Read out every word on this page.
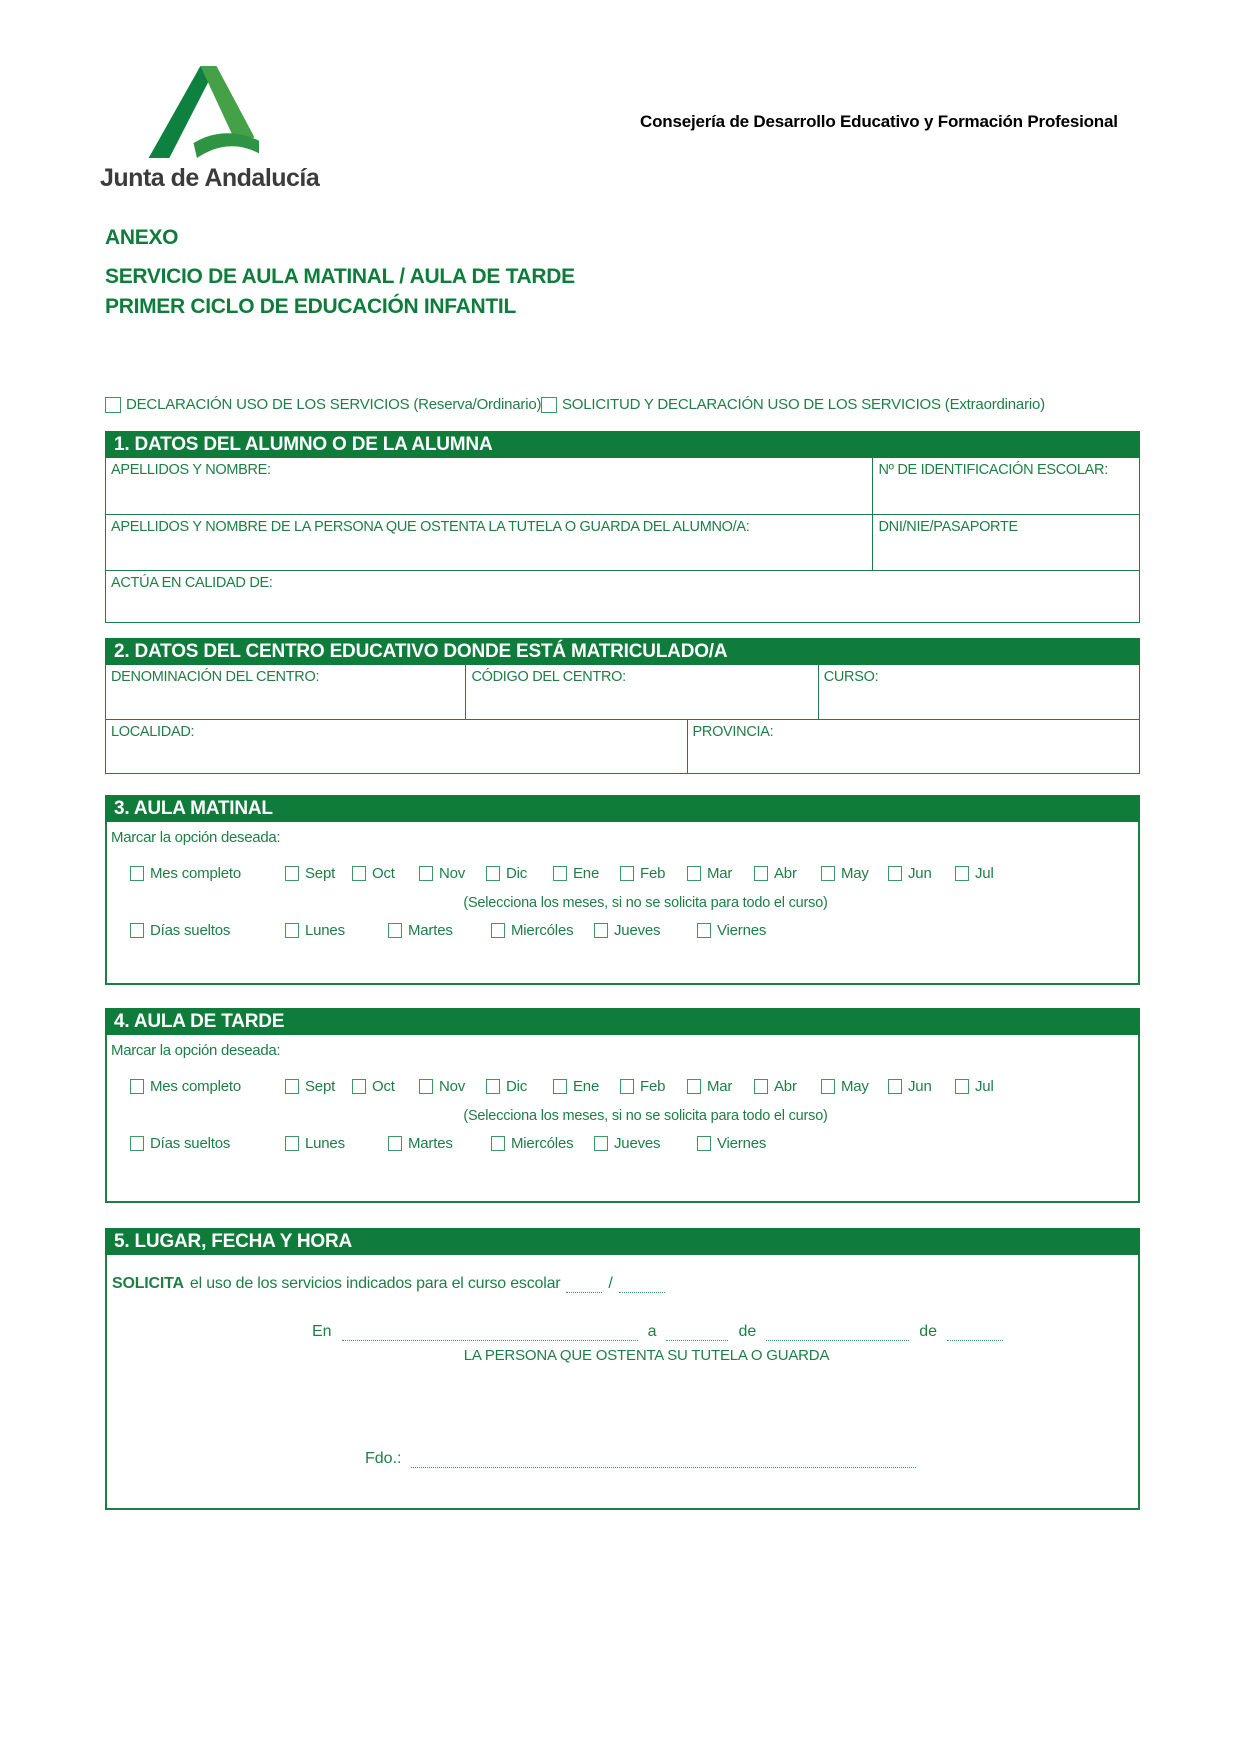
Junta de Andalucía
Consejería de Desarrollo Educativo y Formación Profesional
ANEXO
SERVICIO DE AULA MATINAL / AULA DE TARDE
PRIMER CICLO DE EDUCACIÓN INFANTIL
DECLARACIÓN USO DE LOS SERVICIOS (Reserva/Ordinario) SOLICITUD Y DECLARACIÓN USO DE LOS SERVICIOS (Extraordinario)
1. DATOS DEL ALUMNO O DE LA ALUMNA
APELLIDOS Y NOMBRE:	Nº DE IDENTIFICACIÓN ESCOLAR:
APELLIDOS Y NOMBRE DE LA PERSONA QUE OSTENTA LA TUTELA O GUARDA DEL ALUMNO/A:	DNI/NIE/PASAPORTE
ACTÚA EN CALIDAD DE:
2. DATOS DEL CENTRO EDUCATIVO DONDE ESTÁ MATRICULADO/A
DENOMINACIÓN DEL CENTRO:	CÓDIGO DEL CENTRO:	CURSO:
LOCALIDAD:	PROVINCIA:
3. AULA MATINAL
Marcar la opción deseada:
Mes completo	Sept Oct	Nov	Dic	Ene	Feb	Mar	Abr	May	Jun	Jul
(Selecciona los meses, si no se solicita para todo el curso)
Días sueltos	Lunes	Martes	Miercóles	Jueves	Viernes
4. AULA DE TARDE
Marcar la opción deseada:
Mes completo	Sept Oct	Nov	Dic	Ene	Feb	Mar	Abr	May	Jun	Jul
(Selecciona los meses, si no se solicita para todo el curso)
Días sueltos	Lunes	Martes	Miercóles	Jueves	Viernes
5. LUGAR, FECHA Y HORA
SOLICITA el uso de los servicios indicados para el curso escolar	/
En	a	de	de
LA PERSONA QUE OSTENTA SU TUTELA O GUARDA
Fdo.:
